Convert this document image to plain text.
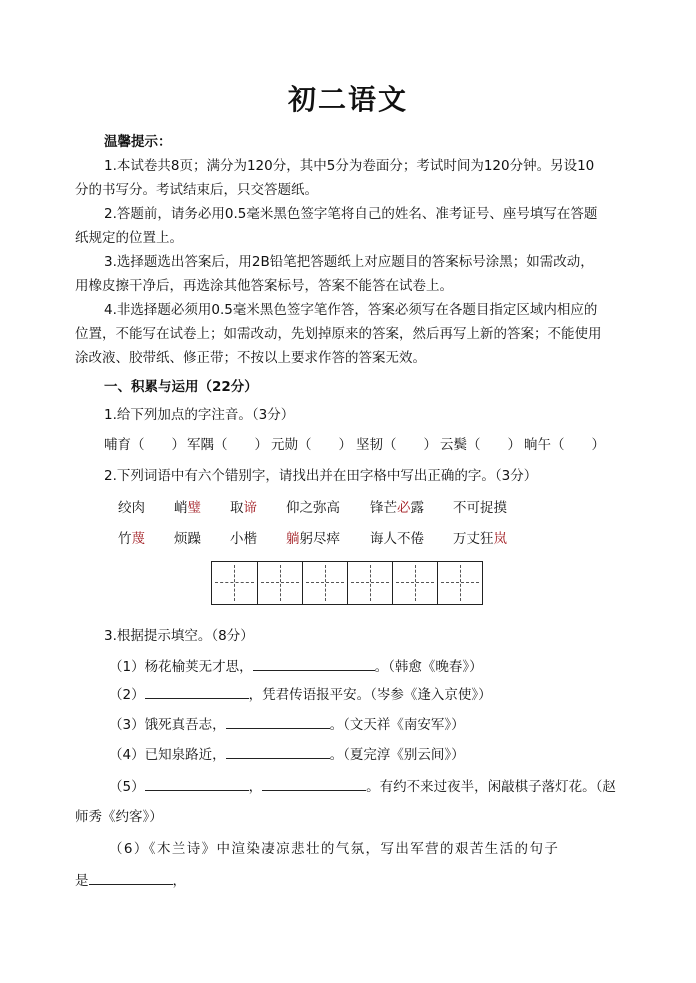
初二语文
温馨提示：
1.本试卷共8页；满分为120分，其中5分为卷面分；考试时间为120分钟。另设10
分的书写分。考试结束后，只交答题纸。
2.答题前，请务必用0.5毫米黑色签字笔将自己的姓名、准考证号、座号填写在答题
纸规定的位置上。
3.选择题选出答案后，用2B铅笔把答题纸上对应题目的答案标号涂黑；如需改动，
用橡皮擦干净后，再选涂其他答案标号，答案不能答在试卷上。
4.非选择题必须用0.5毫米黑色签字笔作答，答案必须写在各题目指定区域内相应的
位置，不能写在试卷上；如需改动，先划掉原来的答案，然后再写上新的答案；不能使用
涂改液、胶带纸、修正带；不按以上要求作答的答案无效。
一、积累与运用（22分）
1.给下列加点的字注音。（3分）
哺育（　　） 军隅（　　） 元勋（　　） 坚韧（　　） 云鬓（　　） 晌午（　　）
2.下列词语中有六个错别字，请找出并在田字格中写出正确的字。（3分）
绞肉 峭璧 取谛 仰之弥高 锋芒必露 不可捉摸
竹蔑 烦躁 小楷 躺躬尽瘁 诲人不倦 万丈狂岚
3.根据提示填空。（8分）
（1）杨花榆荚无才思，	。（韩愈《晚春》）
（2）	，凭君传语报平安。（岑参《逢入京使》）
（3）饿死真吾志，	。（文天祥《南安军》）
（4）已知泉路近，	。（夏完淳《别云间》）
（5）	，	。有约不来过夜半，闲敲棋子落灯花。（赵
师秀《约客》）
（6）《木兰诗》中渲染凄凉悲壮的气氛，写出军营的艰苦生活的句子
是	，
